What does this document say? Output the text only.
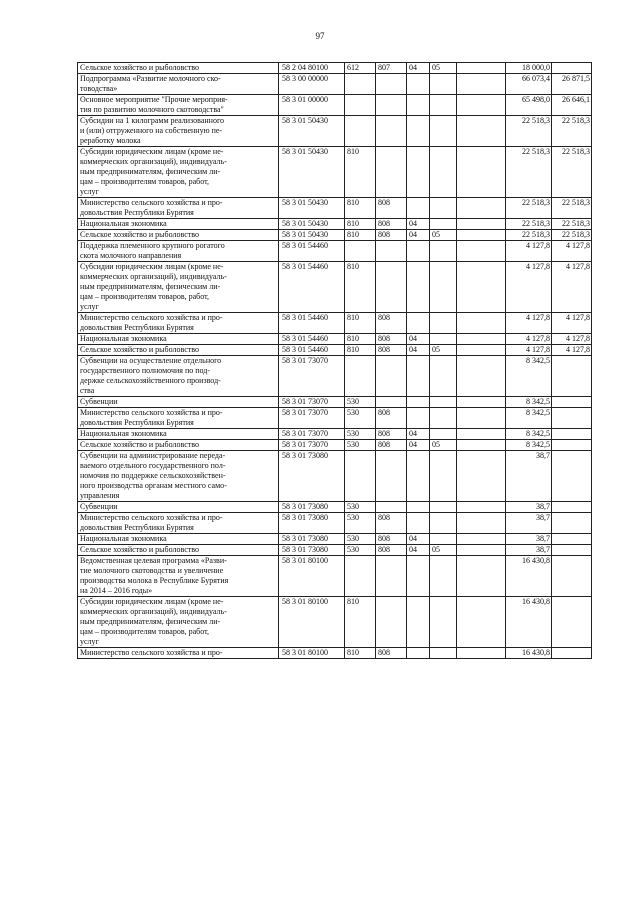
97
Сельское хозяйство и рыболовство	58 2 04 80100	612	807	04	05		18 000,0	
Подпрограмма «Развитие молочного ско-
товодства»	58 3 00 00000						66 073,4	26 871,5
Основное мероприятие "Прочие мероприя-
тия по развитию молочного скотоводства"	58 3 01 00000						65 498,0	26 646,1
Субсидии на 1 килограмм реализованного
и (или) отгруженного на собственную пе-
реработку молока	58 3 01 50430						22 518,3	22 518,3
Субсидии юридическим лицам (кроме не-
коммерческих организаций), индивидуаль-
ным предпринимателям, физическим ли-
цам – производителям товаров, работ,
услуг	58 3 01 50430	810					22 518,3	22 518,3
Министерство сельского хозяйства и про-
довольствия Республики Бурятия	58 3 01 50430	810	808				22 518,3	22 518,3
Национальная экономика	58 3 01 50430	810	808	04			22 518,3	22 518,3
Сельское хозяйство и рыболовство	58 3 01 50430	810	808	04	05		22 518,3	22 518,3
Поддержка племенного крупного рогатого
скота молочного направления	58 3 01 54460						4 127,8	4 127,8
Субсидии юридическим лицам (кроме не-
коммерческих организаций), индивидуаль-
ным предпринимателям, физическим ли-
цам – производителям товаров, работ,
услуг	58 3 01 54460	810					4 127,8	4 127,8
Министерство сельского хозяйства и про-
довольствия Республики Бурятия	58 3 01 54460	810	808				4 127,8	4 127,8
Национальная экономика	58 3 01 54460	810	808	04			4 127,8	4 127,8
Сельское хозяйство и рыболовство	58 3 01 54460	810	808	04	05		4 127,8	4 127,8
Субвенции на осуществление отдельного
государственного полномочия по под-
держке сельскохозяйственного производ-
ства	58 3 01 73070						8 342,5	
Субвенции	58 3 01 73070	530					8 342,5	
Министерство сельского хозяйства и про-
довольствия Республики Бурятия	58 3 01 73070	530	808				8 342,5	
Национальная экономика	58 3 01 73070	530	808	04			8 342,5	
Сельское хозяйство и рыболовство	58 3 01 73070	530	808	04	05		8 342,5	
Субвенции на администрирование переда-
ваемого отдельного государственного пол-
номочия по поддержке сельскохозяйствен-
ного производства органам местного само-
управления	58 3 01 73080						38,7	
Субвенции	58 3 01 73080	530					38,7	
Министерство сельского хозяйства и про-
довольствия Республики Бурятия	58 3 01 73080	530	808				38,7	
Национальная экономика	58 3 01 73080	530	808	04			38,7	
Сельское хозяйство и рыболовство	58 3 01 73080	530	808	04	05		38,7	
Ведомственная целевая программа «Разви-
тие молочного скотоводства и увеличение
производства молока в Республике Бурятия
на 2014 – 2016 годы»	58 3 01 80100						16 430,8	
Субсидии юридическим лицам (кроме не-
коммерческих организаций), индивидуаль-
ным предпринимателям, физическим ли-
цам – производителям товаров, работ,
услуг	58 3 01 80100	810					16 430,8	
Министерство сельского хозяйства и про-	58 3 01 80100	810	808				16 430,8	
